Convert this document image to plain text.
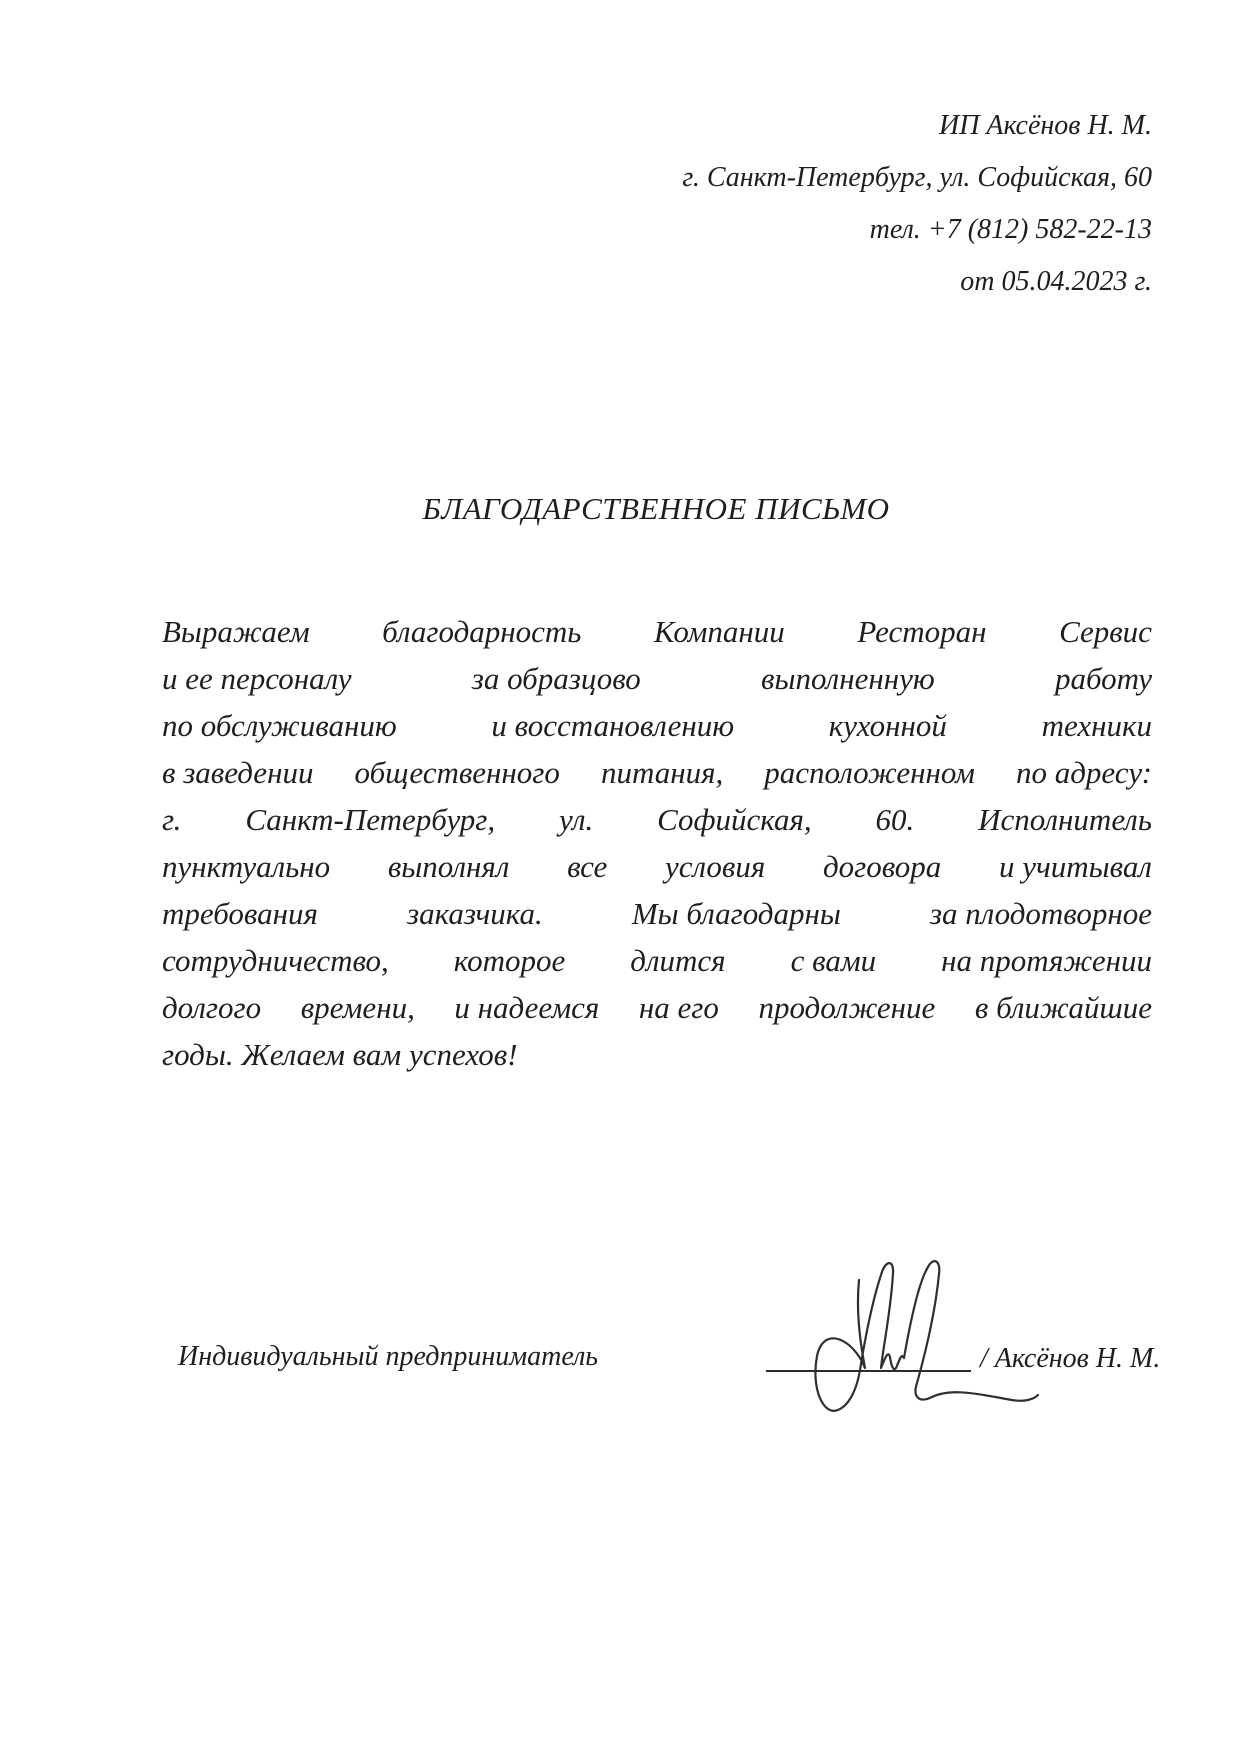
ИП Аксёнов Н. М.
г. Санкт-Петербург, ул. Софийская, 60
тел. +7 (812) 582-22-13
от 05.04.2023 г.
БЛАГОДАРСТВЕННОЕ ПИСЬМО
Выражаем благодарность Компании Ресторан Сервис
и ее персоналу	за образцово	выполненную	работу
по обслуживанию	и восстановлению	кухонной	техники
в заведении общественного питания, расположенном по адресу:
г. Санкт-Петербург, ул. Софийская, 60. Исполнитель
пунктуально выполнял все условия договора и учитывал
требования	заказчика.	Мы благодарны	за плодотворное
сотрудничество, которое длится с вами на протяжении
долгого времени, и надеемся на его продолжение в ближайшие
годы. Желаем вам успехов!
Индивидуальный предприниматель	/ Аксёнов Н. М.
